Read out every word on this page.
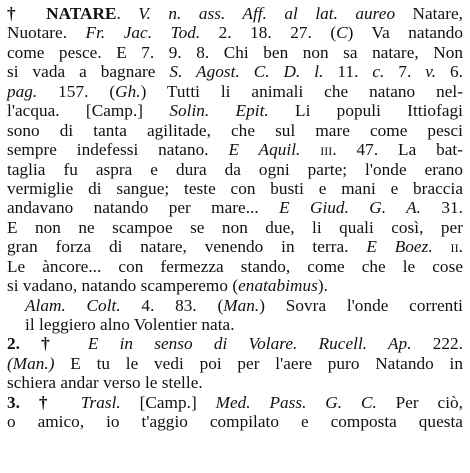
† NATARE. V. n. ass. Aff. al lat. aureo Natare,
Nuotare. Fr. Jac. Tod. 2. 18. 27. (C) Va natando
come pesce. E 7. 9. 8. Chi ben non sa natare, Non
si vada a bagnare S. Agost. C. D. l. 11. c. 7. v. 6.
pag. 157. (Gh.) Tutti li animali che natano nel-
l'acqua. [Camp.] Solin. Epit. Li populi Ittiofagi
sono di tanta agilitade, che sul mare come pesci
sempre indefessi natano. E Aquil. iii. 47. La bat-
taglia fu aspra e dura da ogni parte; l'onde erano
vermiglie di sangue; teste con busti e mani e braccia
andavano natando per mare... E Giud. G. A. 31.
E non ne scampoe se non due, li quali così, per
gran forza di natare, venendo in terra. E Boez. ii.
Le àncore... con fermezza stando, come che le cose
si vadano, natando scamperemo (enatabimus).
Alam. Colt. 4. 83. (Man.) Sovra l'onde correnti
il leggiero alno Volentier nata.
2. † E in senso di Volare. Rucell. Ap. 222.
(Man.) E tu le vedi poi per l'aere puro Natando in
schiera andar verso le stelle.
3. † Trasl. [Camp.] Med. Pass. G. C. Per ciò,
o amico, io t'aggio compilato e composta questa
